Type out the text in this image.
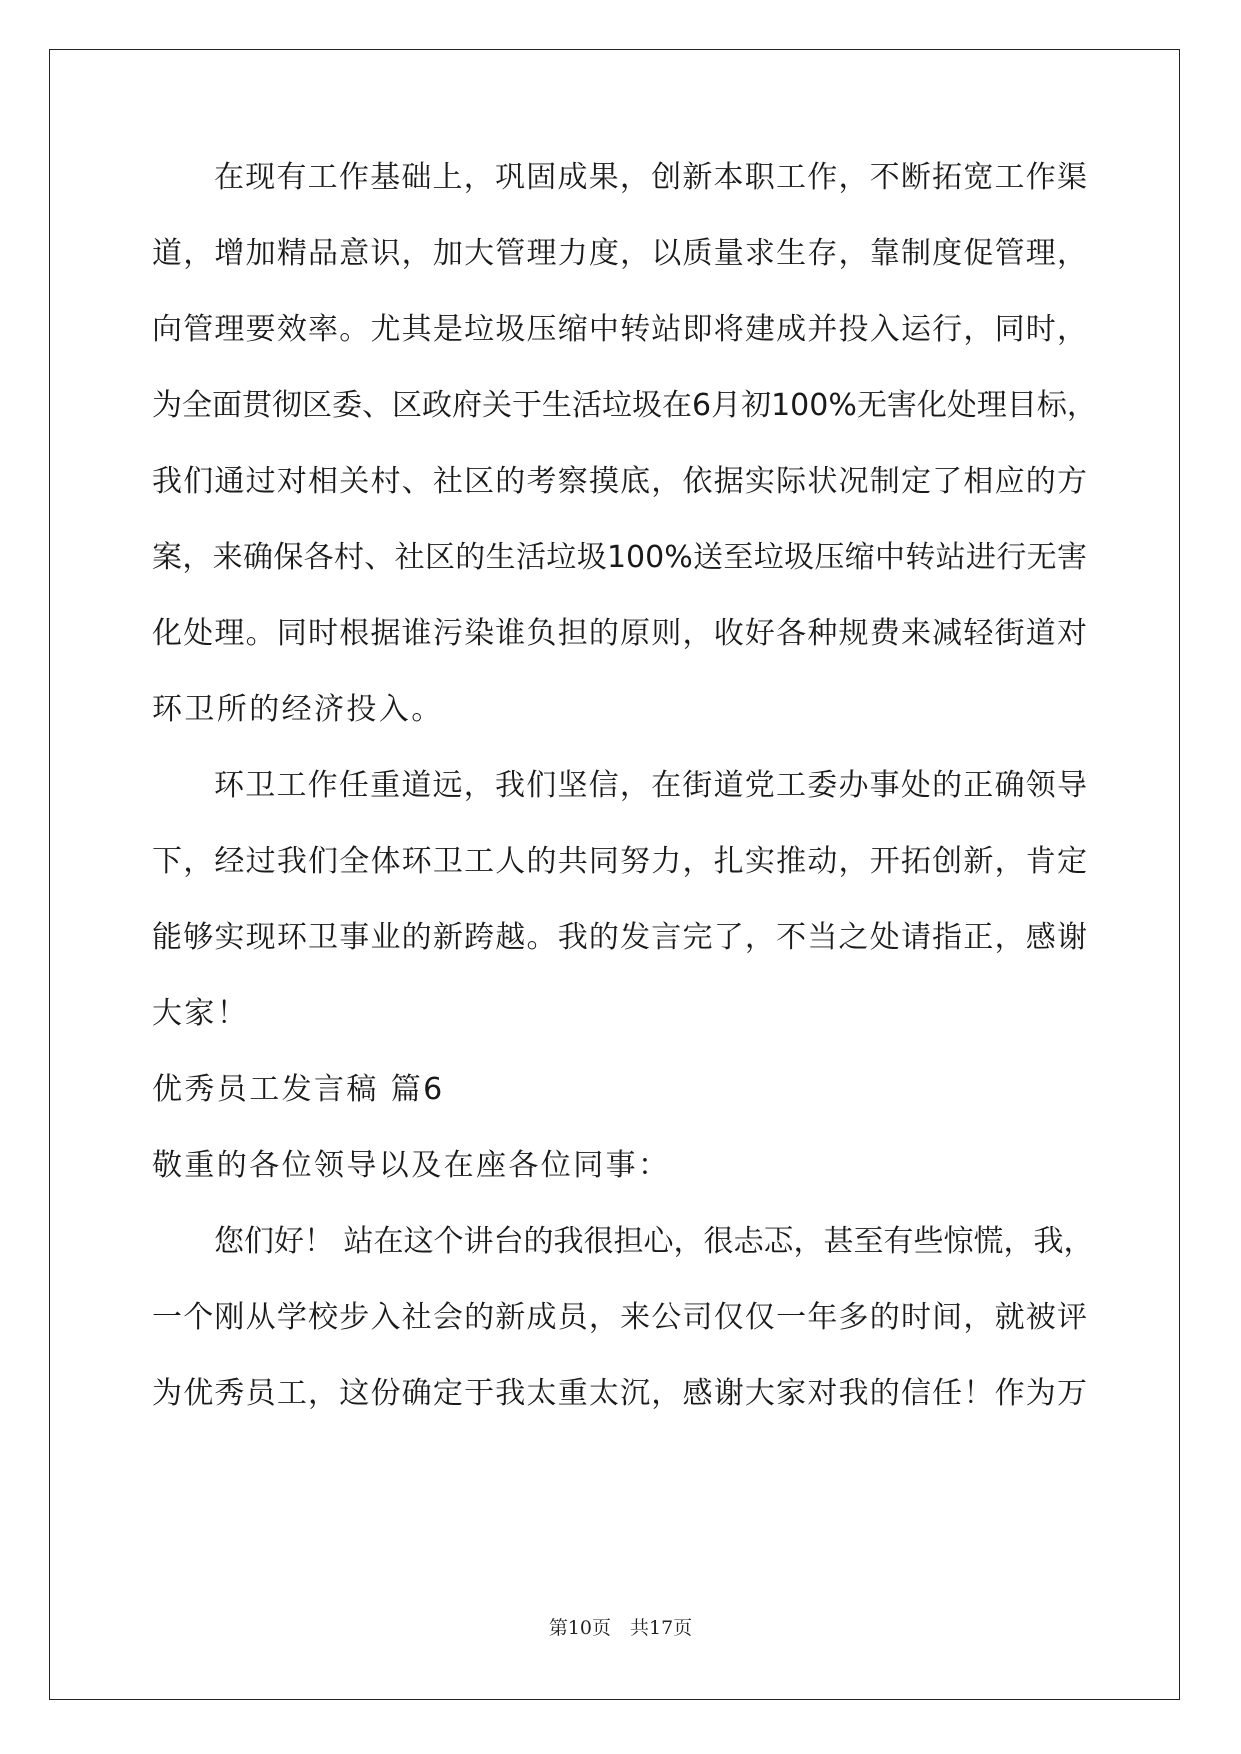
在现有工作基础上，巩固成果，创新本职工作，不断拓宽工作渠
道，增加精品意识，加大管理力度，以质量求生存，靠制度促管理，
向管理要效率。尤其是垃圾压缩中转站即将建成并投入运行，同时，
为全面贯彻区委、区政府关于生活垃圾在6月初100%无害化处理目标，
我们通过对相关村、社区的考察摸底，依据实际状况制定了相应的方
案，来确保各村、社区的生活垃圾100%送至垃圾压缩中转站进行无害
化处理。同时根据谁污染谁负担的原则，收好各种规费来减轻街道对
环卫所的经济投入。
环卫工作任重道远，我们坚信，在街道党工委办事处的正确领导
下，经过我们全体环卫工人的共同努力，扎实推动，开拓创新，肯定
能够实现环卫事业的新跨越。我的发言完了，不当之处请指正，感谢
大家！
优秀员工发言稿 篇6
敬重的各位领导以及在座各位同事：
您们好！ 站在这个讲台的我很担心，很忐忑，甚至有些惊慌，我，
一个刚从学校步入社会的新成员，来公司仅仅一年多的时间，就被评
为优秀员工，这份确定于我太重太沉，感谢大家对我的信任！作为万
第10页　共17页
